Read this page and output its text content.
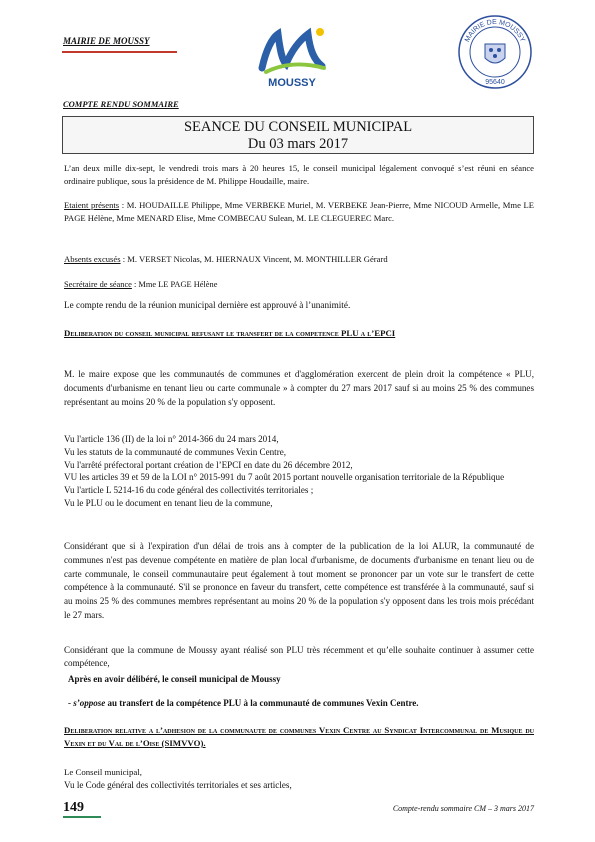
MAIRIE DE MOUSSY
MOUSSY
MAIRIE DE MOUSSY
95640
COMPTE RENDU SOMMAIRE
SEANCE DU CONSEIL MUNICIPAL
Du 03 mars 2017
L’an deux mille dix-sept, le vendredi trois mars à 20 heures 15, le conseil municipal légalement convoqué s’est réuni en séance ordinaire publique, sous la présidence de M. Philippe Houdaille, maire.
Etaient présents : M. HOUDAILLE Philippe, Mme VERBEKE Muriel, M. VERBEKE Jean-Pierre, Mme NICOUD Armelle, Mme LE PAGE Hélène, Mme MENARD Elise, Mme COMBECAU Sulean, M. LE CLEGUEREC Marc.
Absents excusés : M. VERSET Nicolas, M. HIERNAUX Vincent, M. MONTHILLER Gérard
Secrétaire de séance : Mme LE PAGE Hélène
Le compte rendu de la réunion municipal dernière est approuvé à l’unanimité.
Deliberation du conseil municipal refusant le transfert de la competence PLU a l’EPCI
M. le maire expose que les communautés de communes et d'agglomération exercent de plein droit la compétence « PLU, documents d'urbanisme en tenant lieu ou carte communale » à compter du 27 mars 2017 sauf si au moins 25 % des communes représentant au moins 20 % de la population s'y opposent.
Vu l'article 136 (II) de la loi n° 2014-366 du 24 mars 2014,
Vu les statuts de la communauté de communes Vexin Centre,
Vu l'arrêté préfectoral portant création de l’EPCI en date du 26 décembre 2012,
VU les articles 39 et 59 de la LOI n° 2015-991 du 7 août 2015 portant nouvelle organisation territoriale de la République
Vu l'article L 5214-16 du code général des collectivités territoriales ;
Vu le PLU ou le document en tenant lieu de la commune,
Considérant que si à l'expiration d'un délai de trois ans à compter de la publication de la loi ALUR, la communauté de communes n'est pas devenue compétente en matière de plan local d'urbanisme, de documents d'urbanisme en tenant lieu ou de carte communale, le conseil communautaire peut également à tout moment se prononcer par un vote sur le transfert de cette compétence à la communauté. S'il se prononce en faveur du transfert, cette compétence est transférée à la communauté, sauf si au moins 25 % des communes membres représentant au moins 20 % de la population s'y opposent dans les trois mois précédant le 27 mars.
Considérant que la commune de Moussy ayant réalisé son PLU très récemment et qu’elle souhaite continuer à assumer cette compétence,
Après en avoir délibéré, le conseil municipal de Moussy
- s’oppose au transfert de la compétence PLU à la communauté de communes Vexin Centre.
Deliberation relative a l’adhesion de la communaute de communes Vexin Centre au Syndicat Intercommunal de Musique du Vexin et du Val de l’Oise (SIMVVO).
Le Conseil municipal,
Vu le Code général des collectivités territoriales et ses articles,
149	Compte-rendu sommaire CM – 3 mars 2017
